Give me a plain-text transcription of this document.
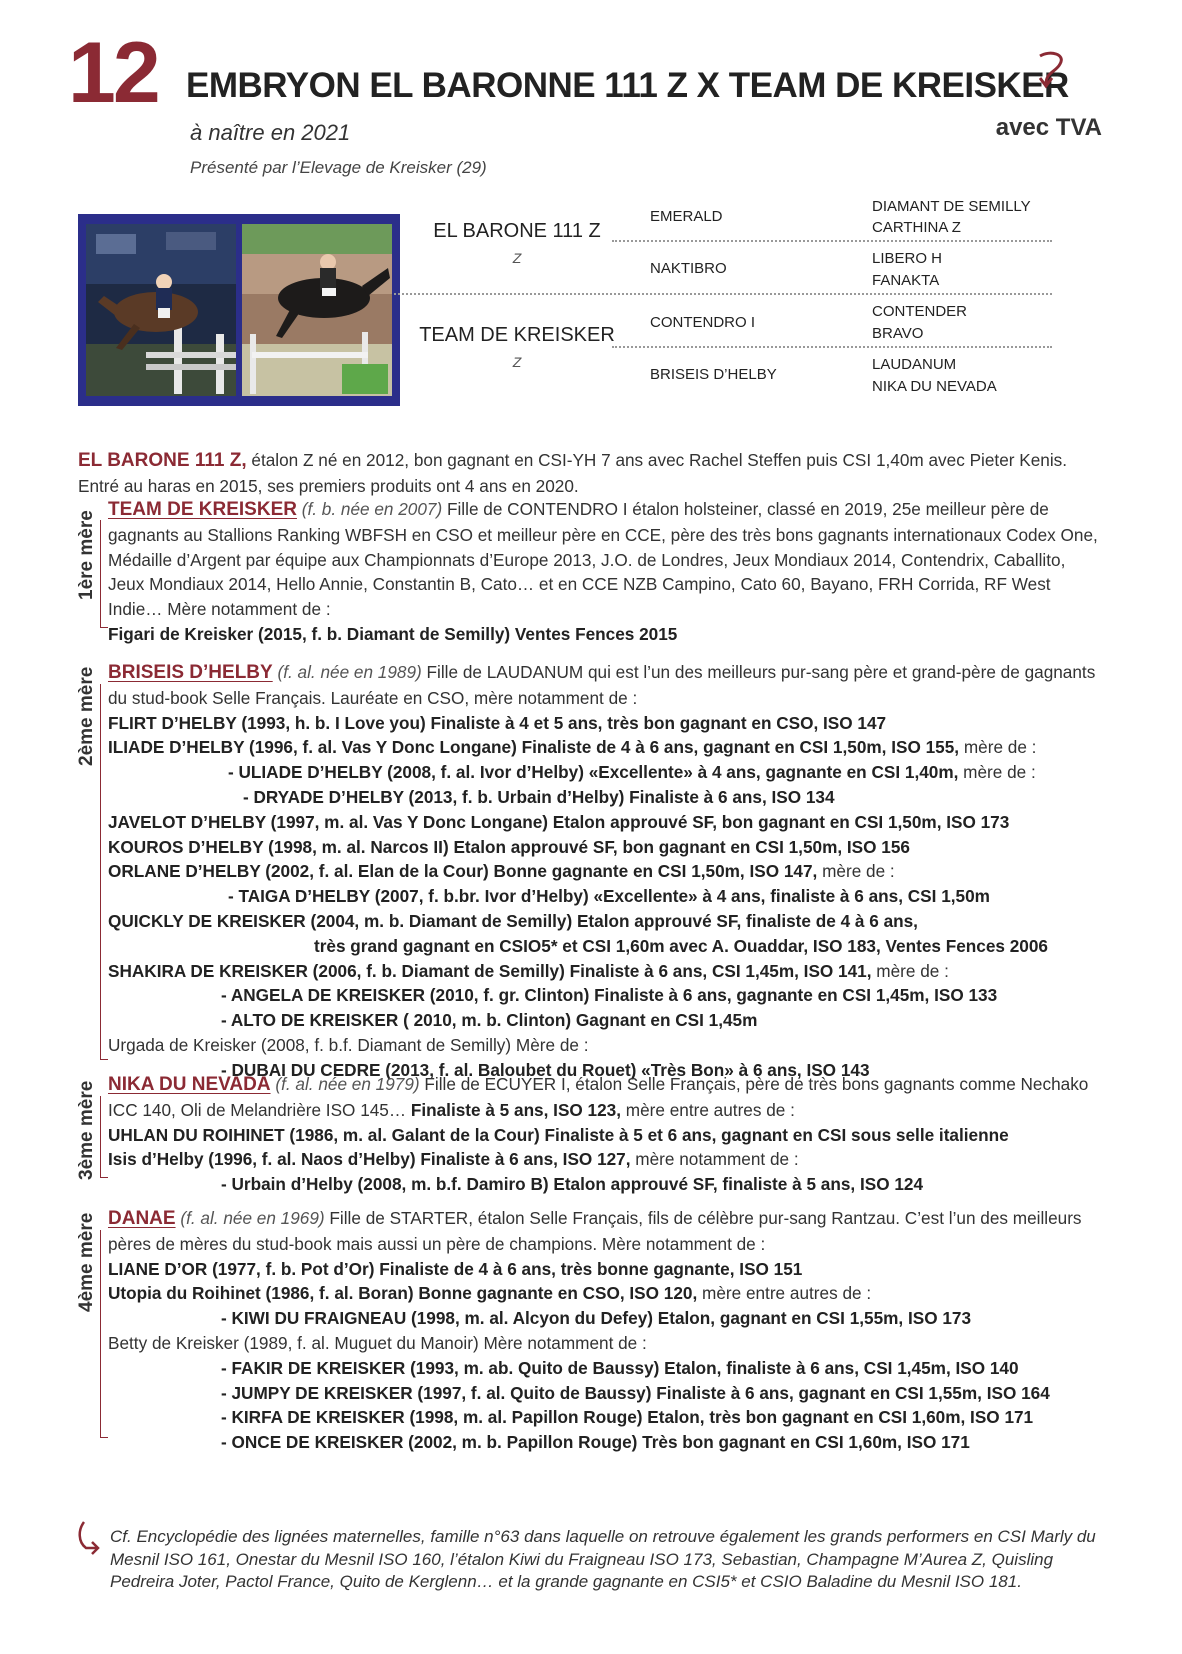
12 EMBRYON EL BARONNE 111 Z X TEAM DE KREISKER
à naître en 2021	avec TVA
Présenté par l’Elevage de Kreisker (29)
EL BARONE 111 Z
Z
TEAM DE KREISKER
Z
EMERALD
NAKTIBRO
CONTENDRO I
BRISEIS D’HELBY
DIAMANT DE SEMILLY
CARTHINA Z
LIBERO H
FANAKTA
CONTENDER
BRAVO
LAUDANUM
NIKA DU NEVADA
EL BARONE 111 Z, étalon Z né en 2012, bon gagnant en CSI-YH 7 ans avec Rachel Steffen puis CSI 1,40m avec Pieter Kenis. Entré au haras en 2015, ses premiers produits ont 4 ans en 2020.
1ère mère
TEAM DE KREISKER (f. b. née en 2007) Fille de CONTENDRO I étalon holsteiner, classé en 2019, 25e meilleur père de gagnants au Stallions Ranking WBFSH en CSO et meilleur père en CCE, père des très bons gagnants internationaux Codex One, Médaille d’Argent par équipe aux Championnats d’Europe 2013, J.O. de Londres, Jeux Mondiaux 2014, Contendrix, Caballito, Jeux Mondiaux 2014, Hello Annie, Constantin B, Cato… et en CCE NZB Campino, Cato 60, Bayano, FRH Corrida, RF West Indie… Mère notamment de :
Figari de Kreisker (2015, f. b. Diamant de Semilly) Ventes Fences 2015
2ème mère BRISEIS D’HELBY (f. al. née en 1989) Fille de LAUDANUM qui est l’un des meilleurs pur-sang père et grand-père de gagnants du stud-book Selle Français. Lauréate en CSO, mère notamment de :
FLIRT D’HELBY (1993, h. b. I Love you) Finaliste à 4 et 5 ans, très bon gagnant en CSO, ISO 147
ILIADE D’HELBY (1996, f. al. Vas Y Donc Longane) Finaliste de 4 à 6 ans, gagnant en CSI 1,50m, ISO 155, mère de :
- ULIADE D’HELBY (2008, f. al. Ivor d’Helby) «Excellente» à 4 ans, gagnante en CSI 1,40m, mère de :
- DRYADE D’HELBY (2013, f. b. Urbain d’Helby) Finaliste à 6 ans, ISO 134
JAVELOT D’HELBY (1997, m. al. Vas Y Donc Longane) Etalon approuvé SF, bon gagnant en CSI 1,50m, ISO 173
KOUROS D’HELBY (1998, m. al. Narcos II) Etalon approuvé SF, bon gagnant en CSI 1,50m, ISO 156
ORLANE D’HELBY (2002, f. al. Elan de la Cour) Bonne gagnante en CSI 1,50m, ISO 147, mère de :
- TAIGA D’HELBY (2007, f. b.br. Ivor d’Helby) «Excellente» à 4 ans, finaliste à 6 ans, CSI 1,50m
QUICKLY DE KREISKER (2004, m. b. Diamant de Semilly) Etalon approuvé SF, finaliste de 4 à 6 ans,
très grand gagnant en CSIO5* et CSI 1,60m avec A. Ouaddar, ISO 183, Ventes Fences 2006
SHAKIRA DE KREISKER (2006, f. b. Diamant de Semilly) Finaliste à 6 ans, CSI 1,45m, ISO 141, mère de :
- ANGELA DE KREISKER (2010, f. gr. Clinton) Finaliste à 6 ans, gagnante en CSI 1,45m, ISO 133
- ALTO DE KREISKER ( 2010, m. b. Clinton) Gagnant en CSI 1,45m
Urgada de Kreisker (2008, f. b.f. Diamant de Semilly) Mère de :
- DUBAI DU CEDRE (2013, f. al. Baloubet du Rouet) «Très Bon» à 6 ans, ISO 143
3ème mère NIKA DU NEVADA (f. al. née en 1979) Fille de ECUYER I, étalon Selle Français, père de très bons gagnants comme Nechako ICC 140, Oli de Melandrière ISO 145… Finaliste à 5 ans, ISO 123, mère entre autres de :
UHLAN DU ROIHINET (1986, m. al. Galant de la Cour) Finaliste à 5 et 6 ans, gagnant en CSI sous selle italienne
Isis d’Helby (1996, f. al. Naos d’Helby) Finaliste à 6 ans, ISO 127, mère notamment de :
- Urbain d’Helby (2008, m. b.f. Damiro B) Etalon approuvé SF, finaliste à 5 ans, ISO 124
4ème mère DANAE (f. al. née en 1969) Fille de STARTER, étalon Selle Français, fils de célèbre pur-sang Rantzau. C’est l’un des meilleurs pères de mères du stud-book mais aussi un père de champions. Mère notamment de :
LIANE D’OR (1977, f. b. Pot d’Or) Finaliste de 4 à 6 ans, très bonne gagnante, ISO 151
Utopia du Roihinet (1986, f. al. Boran) Bonne gagnante en CSO, ISO 120, mère entre autres de :
- KIWI DU FRAIGNEAU (1998, m. al. Alcyon du Defey) Etalon, gagnant en CSI 1,55m, ISO 173
Betty de Kreisker (1989, f. al. Muguet du Manoir) Mère notamment de :
- FAKIR DE KREISKER (1993, m. ab. Quito de Baussy) Etalon, finaliste à 6 ans, CSI 1,45m, ISO 140
- JUMPY DE KREISKER (1997, f. al. Quito de Baussy) Finaliste à 6 ans, gagnant en CSI 1,55m, ISO 164
- KIRFA DE KREISKER (1998, m. al. Papillon Rouge) Etalon, très bon gagnant en CSI 1,60m, ISO 171
- ONCE DE KREISKER (2002, m. b. Papillon Rouge) Très bon gagnant en CSI 1,60m, ISO 171
Cf. Encyclopédie des lignées maternelles, famille n°63 dans laquelle on retrouve également les grands performers en CSI Marly du Mesnil ISO 161, Onestar du Mesnil ISO 160, l’étalon Kiwi du Fraigneau ISO 173, Sebastian, Champagne M’Aurea Z, Quisling Pedreira Joter, Pactol France, Quito de Kerglenn… et la grande gagnante en CSI5* et CSIO Baladine du Mesnil ISO 181.
